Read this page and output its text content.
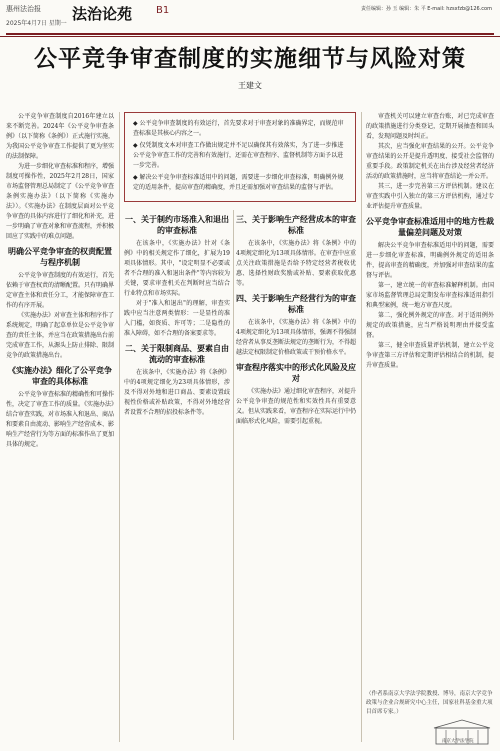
惠州法治报
2025年4月7日 星期一
法治论苑 B1	责任编辑：孙 玉 编辑：朱 平 E-mail: hzsxfzb@126.com
公平竞争审查制度的实施细节与风险对策
王建文

公平竞争审查制度自2016年建立以来不断完善。2024年《公平竞争审查条例》（以下简称《条例》）正式施行实施，为我国公平竞争审查工作提供了更为坚实的法制保障。

为进一步细化审查标准和程序，增强制度可操作性，2025年2月28日，国家市场监督管理总局制定了《公平竞争审查条例实施办法》（以下简称《实施办法》）。《实施办法》在制度层面对公平竞争审查的具体内容进行了细化和补充，进一步明确了审查对象和审查流程，并积极回应了实践中的难点问题。

明确公平竞争审查的权责配置与程序机制

公平竞争审查制度的有效运行，首先依赖于审查权责的清晰配置。只有明确界定审查主体和责任分工，才能保障审查工作的有序开展。

《实施办法》对审查主体和程序作了系统规定，明确了起草单位是公平竞争审查的责任主体，并应当在政策措施出台前完成审查工作，从源头上防止排除、限制竞争的政策措施出台。

《实施办法》细化了公平竞争审查的具体标准

公平竞争审查标准的精确性和可操作性，决定了审查工作的质量。《实施办法》结合审查实践，对市场准入和退出、商品和要素自由流动、影响生产经营成本、影响生产经营行为等方面的标准作出了更加具体的规定。

◆ 公平竞争审查制度的有效运行，首先要求对于审查对象的准确界定，而规范审查标准是其核心内容之一。
◆ 仅凭制度文本对审查工作做出规定并不足以确保其有效落实，为了进一步推进公平竞争审查工作的完善和有效施行，还需在审查程序、监督机制等方面予以进一步完善。
◆ 解决公平竞争审查标准适用中的问题，需要进一步细化审查标准，明确例外规定的适用条件，提高审查的精确度，并且还需加强对审查结果的监督与评估。
一、关于制约市场准入和退出的审查标准

在该条中，《实施办法》针对《条例》中的相关规定作了细化，扩展为19项具体情形。其中，"设定明显不必要或者不合理的准入和退出条件"等内容较为关键，要求审查机关在判断时应当结合行业特点和市场实际。

对于"准入和退出"的理解，审查实践中应当注意两类情形：一是显性的准入门槛，如资质、许可等；二是隐性的准入障碍，如不合理的备案要求等。

二、关于限制商品、要素自由流动的审查标准

在该条中，《实施办法》将《条例》中的4项规定细化为23项具体情形，涉及不得对外地和进口商品、要素设置歧视性价格或补贴政策，不得对外地经营者设置不合理的招投标条件等。

三、关于影响生产经营成本的审查标准

在该条中，《实施办法》将《条例》中的4项规定细化为13项具体情形。在审查中应重点关注政策措施是否给予特定经营者税收优惠、选择性财政奖励或补贴、要素获取优惠等。

四、关于影响生产经营行为的审查标准

在该条中，《实施办法》将《条例》中的4项规定细化为13项具体情形，强调不得强制经营者从事反垄断法规定的垄断行为，不得超越法定权限制定价格政策或干预价格水平。

审查程序落实中的形式化风险及应对

《实施办法》通过细化审查程序，对提升公平竞争审查的规范性和实效性具有重要意义。但从实践来看，审查程序在实际运行中仍面临形式化风险，需要引起重视。

审查机关可以建立审查台账，对已完成审查的政策措施进行分类登记，定期开展抽查和回头看，发现问题及时纠正。

其次，应当强化审查结果的公开。公平竞争审查结果的公开是提升透明度、接受社会监督的重要手段。政策制定机关在出台涉及经营者经济活动的政策措施时，应当将审查结论一并公开。

其三，进一步完善第三方评估机制。建议在审查实践中引入独立的第三方评估机构，通过专业评估提升审查质量。

公平竞争审查标准适用中的地方性裁量偏差问题及对策

解决公平竞争审查标准适用中的问题，需要进一步细化审查标准，明确例外规定的适用条件，提高审查的精确度，并加强对审查结果的监督与评估。

第一，建立统一的审查标准解释机制。由国家市场监督管理总局定期发布审查标准适用指引和典型案例，统一地方审查尺度。

第二，强化例外规定的审查。对于适用例外规定的政策措施，应当严格说明理由并接受监督。

第三，健全审查质量评估机制，建立公平竞争审查第三方评估和定期评估相结合的机制，提升审查质量。

（作者系南京大学法学院教授、博导，南京大学竞争政策与企业合规研究中心主任，国家社科基金重大项目首席专家。）
南京大学法学院
